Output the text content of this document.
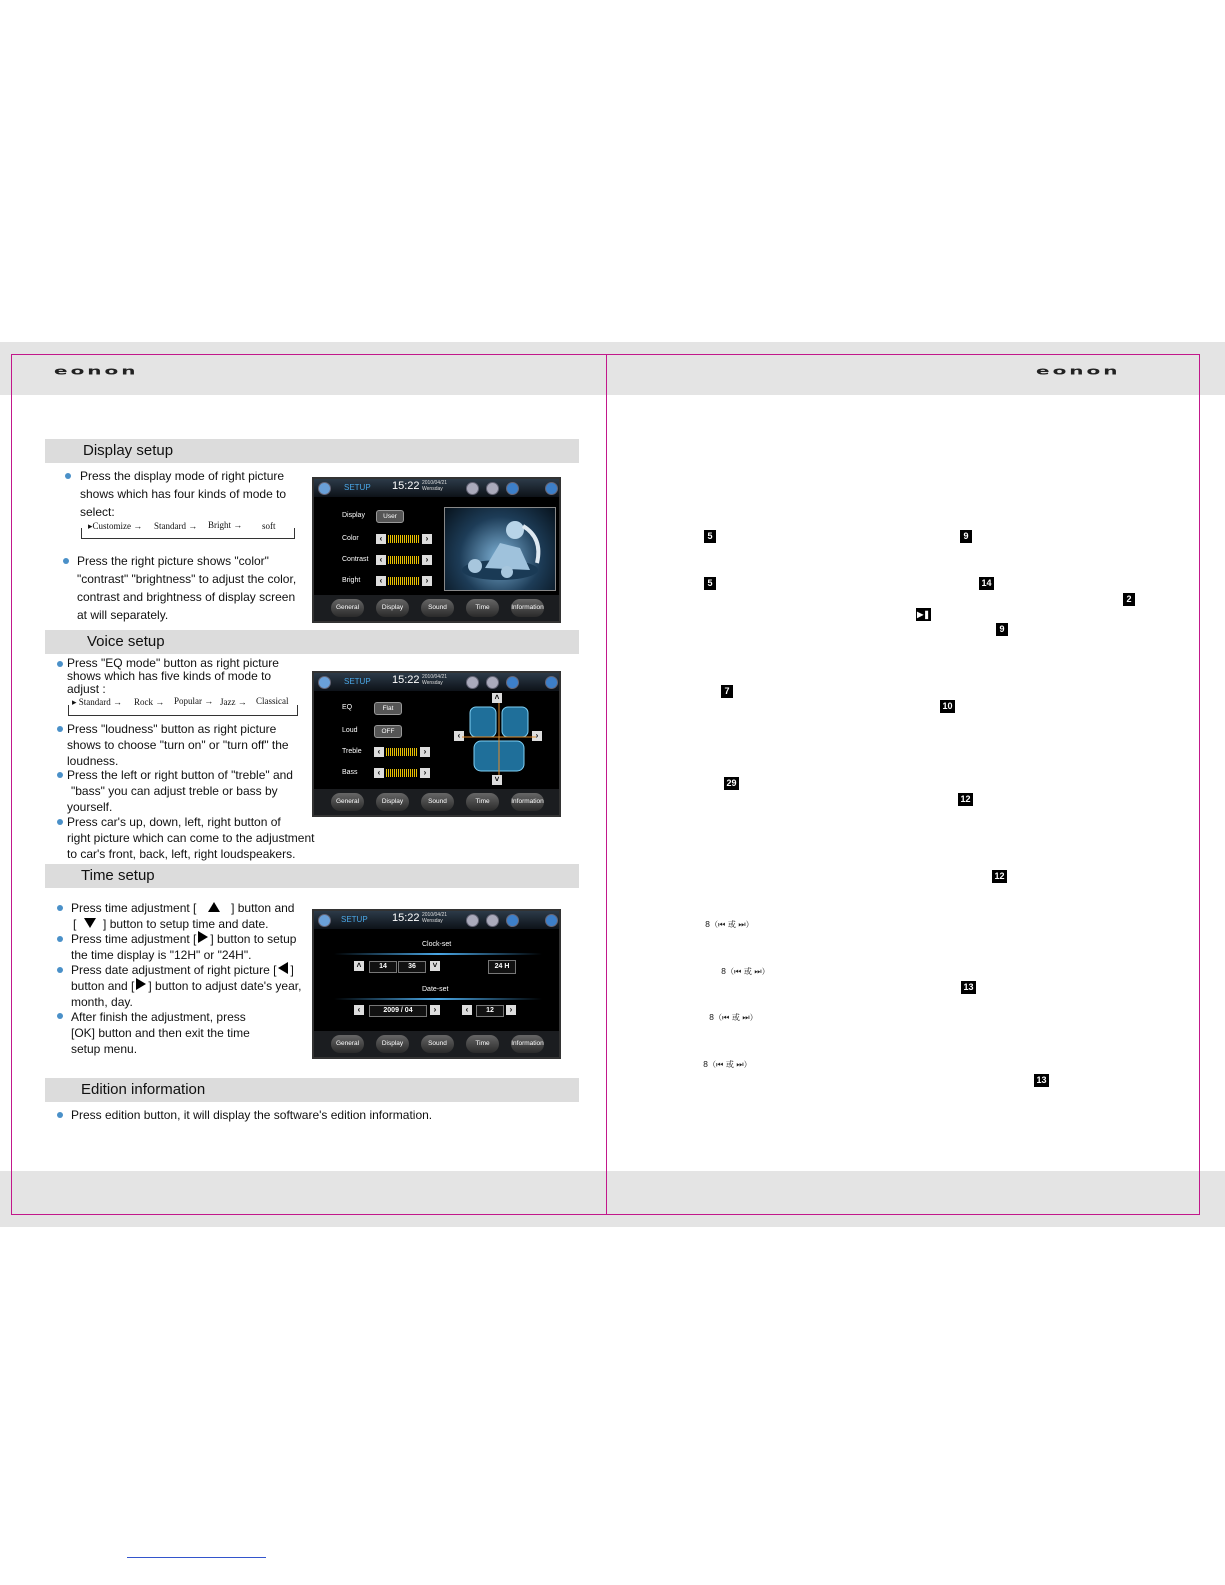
eonon	eonon
Display setup
Press the display mode of right picture
shows which has four kinds of mode to
select:
▸Customize → Standard → Bright → soft
Press the right picture shows "color"
"contrast" "brightness" to adjust the color,
contrast and brightness of display screen
at will separately.
SETUP 15:22 2010/04/21
Wensday
Display	User
Color	‹	›
Contrast	‹	›
Bright	‹	›
General	Display	Sound	Time	Information
Voice setup
Press "EQ mode" button as right picture
shows which has five kinds of mode to
adjust :
▸ Standard → Rock → Popular → Jazz → Classical
Press "loudness" button as right picture
shows to choose "turn on" or "turn off" the
loudness.
Press the left or right button of "treble" and
"bass" you can adjust treble or bass by
yourself.
Press car's up, down, left, right button of
right picture which can come to the adjustment
to car's front, back, left, right loudspeakers.
SETUP 15:22 2010/04/21
Wensday
EQ	Flat
Loud	OFF
Treble	‹	›
Bass	‹	›
˄
˅
‹	›
General	Display	Sound	Time	Information
Time setup
Press time adjustment [	] button and
[ ] button to setup time and date.
Press time adjustment [ ] button to setup
the time display is "12H" or "24H".
Press date adjustment of right picture [ ]
button and [ ] button to adjust date's year,
month, day.
After finish the adjustment, press
[OK] button and then exit the time
setup menu.
SETUP 15:22 2010/04/21
Wensday
Clock-set
˄	14	36	˅	24 H
Date-set
‹	2009 / 04	›	‹	12	›
General	Display	Sound	Time	Information
Edition information
Press edition button, it will display the software's edition information.
5	9
5	14
2
▶❚
9
7
10
29
12
12
8（⏮ 或 ⏭）
8（⏮ 或 ⏭）
13
8（⏮ 或 ⏭）
8（⏮ 或 ⏭）
13
